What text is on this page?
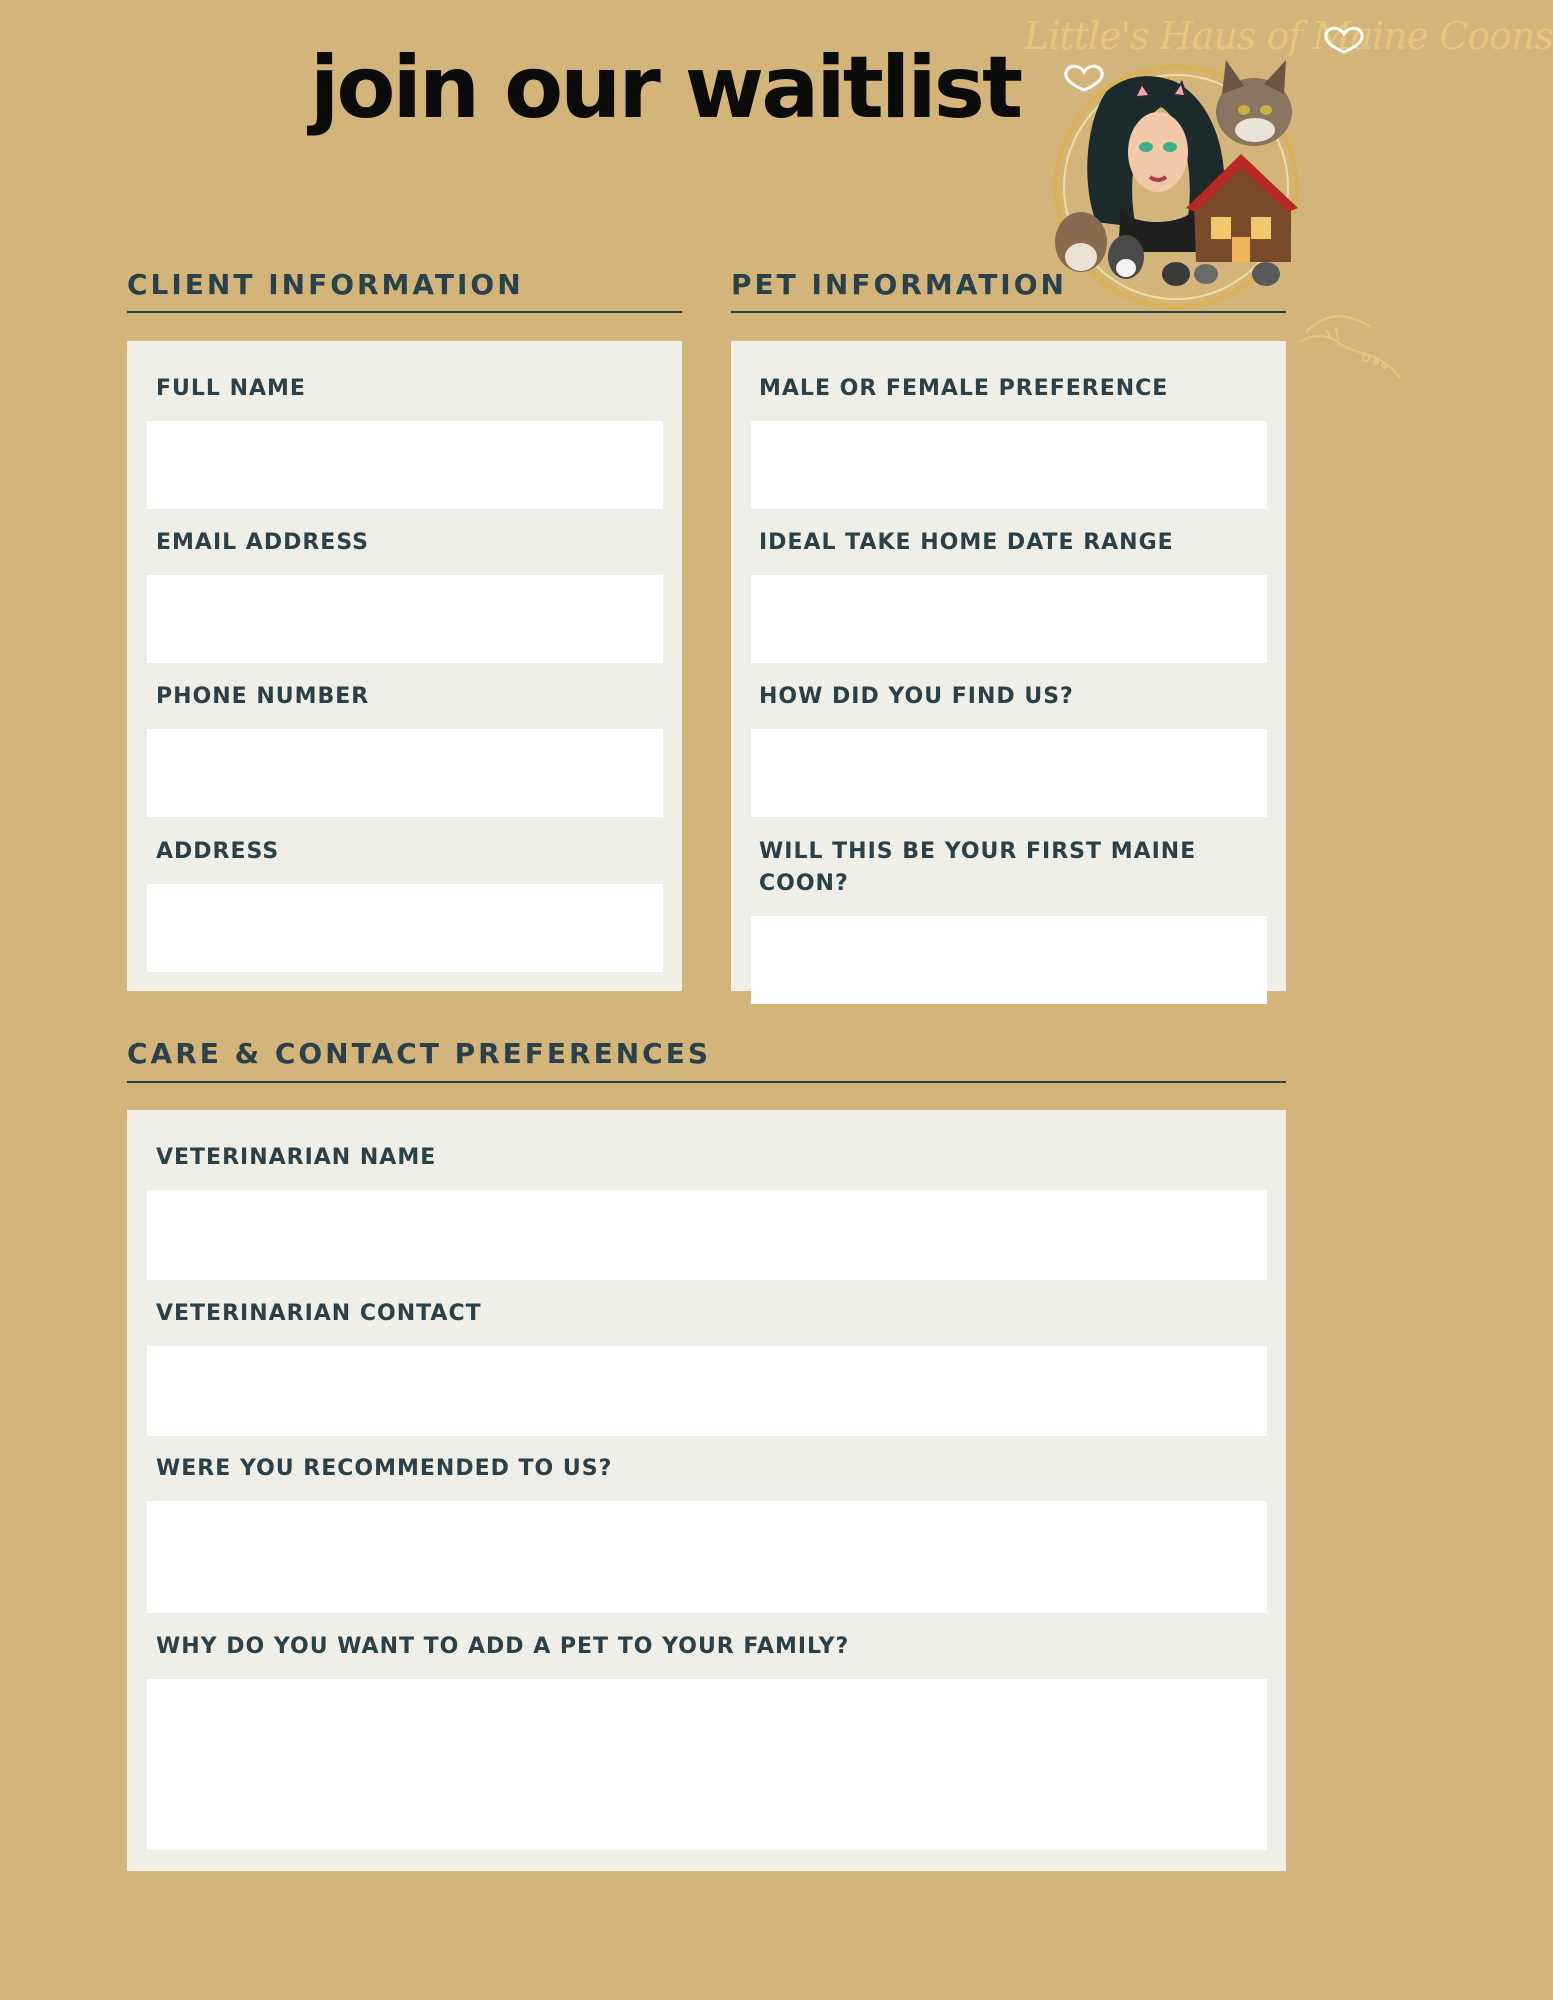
join our waitlist
Little's Haus of Maine Coons
CLIENT INFORMATION
FULL NAME
EMAIL ADDRESS
PHONE NUMBER
ADDRESS
PET INFORMATION
MALE OR FEMALE PREFERENCE
IDEAL TAKE HOME DATE RANGE
HOW DID YOU FIND US?
WILL THIS BE YOUR FIRST MAINE COON?
CARE & CONTACT PREFERENCES
VETERINARIAN NAME
VETERINARIAN CONTACT
WERE YOU RECOMMENDED TO US?
WHY DO YOU WANT TO ADD A PET TO YOUR FAMILY?
